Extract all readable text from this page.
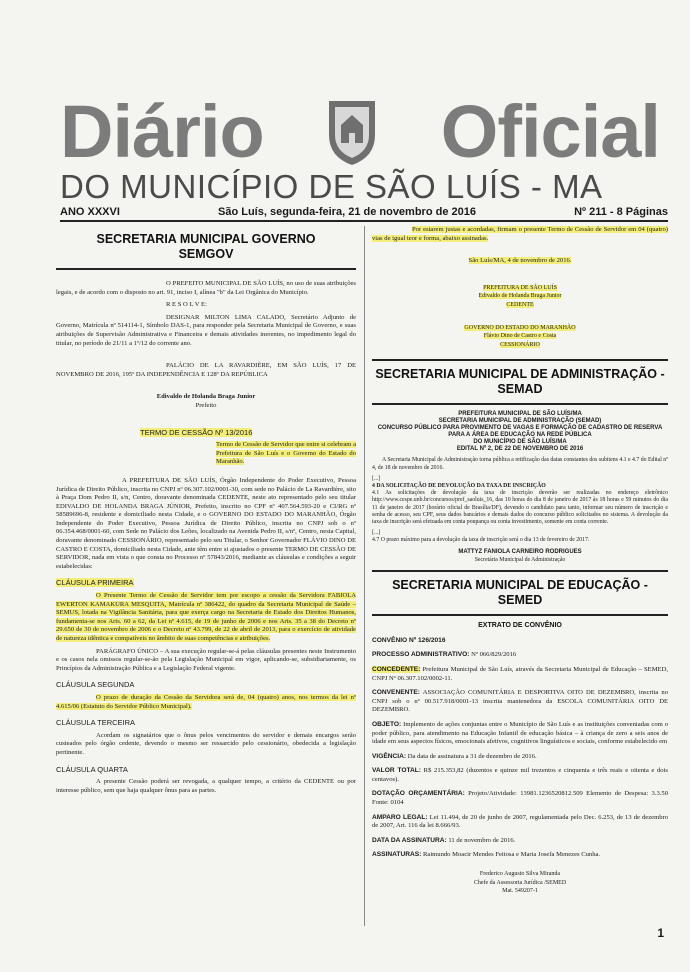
Diário Oficial
DO MUNICÍPIO DE SÃO LUÍS - MA
ANO XXXVI	São Luís, segunda-feira, 21 de novembro de 2016	Nº 211 - 8 Páginas
SECRETARIA MUNICIPAL GOVERNO SEMGOV

O PREFEITO MUNICIPAL DE SÃO LUÍS, no uso de suas atribuições legais, e de acordo com o disposto no art. 91, inciso I, alínea "b" da Lei Orgânica do Município.

R E S O L V E:

DESIGNAR MILTON LIMA CALADO, Secretário Adjunto de Governo, Matrícula nº 514114-1, Símbolo DAS-1, para responder pela Secretaria Municipal de Governo, e suas atribuições de Supervisão Administrativa e Financeira e demais atividades inerentes, no impedimento legal do titular, no período de 21/11 a 1º/12 do corrente ano.

PALÁCIO DE LA RAVARDIÈRE, EM SÃO LUÍS, 17 DE NOVEMBRO DE 2016, 195º DA INDEPENDÊNCIA E 128º DA REPÚBLICA

Edivaldo de Holanda Braga Junior
Prefeito
TERMO DE CESSÃO Nº 13/2016

Termo de Cessão de Servidor que entre si celebram a Prefeitura de São Luís e o Governo do Estado do Maranhão.

A PREFEITURA DE SÃO LUÍS, Órgão Independente do Poder Executivo, Pessoa Jurídica de Direito Público, inscrita no CNPJ nº 06.307.102/0001-30, com sede no Palácio de La Ravardière, sito à Praça Dom Pedro II, s/n, Centro, doravante denominada CEDENTE, neste ato representado pelo seu titular EDIVALDO DE HOLANDA BRAGA JÚNIOR, Prefeito, inscrito no CPF nº 407.564.593-20 e CI/RG nº 58589696-8, residente e domiciliado nesta Cidade, e o GOVERNO DO ESTADO DO MARANHÃO, Órgão Independente do Poder Executivo, Pessoa Jurídica de Direito Público, inscrita no CNPJ sob o nº 06.354.468/0001-60, com Sede no Palácio dos Leões, localizado na Avenida Pedro II, s/nº, Centro, nesta Capital, doravante denominado CESSIONÁRIO, representado pelo seu Titular, o Senhor Governador FLÁVIO DINO DE CASTRO E COSTA, domiciliado nesta Cidade, ante têm entre si ajustados o presente TERMO DE CESSÃO DE SERVIDOR, nada em vista o que consta no Processo nº 57843/2016, mediante as cláusulas e condições a seguir estabelecidas:

CLÁUSULA PRIMEIRA

O Presente Termo de Cessão de Servidor tem por escopo a cessão da Servidora FABIOLA EWERTON KAMAKURA MESQUITA, Matrícula nº 386422, do quadro da Secretaria Municipal de Saúde – SEMUS, lotada na Vigilância Sanitária, para que exerça cargo na Secretaria de Estado dos Direitos Humanos, fundamenta-se nos Arts. 60 a 62, da Lei nº 4.615, de 19 de junho de 2006 e nos Arts. 35 a 38 do Decreto nº 29.650 de 30 de novembro de 2006 e o Decreto nº 43.799, de 22 de abril de 2013, para o exercício de atividade de natureza idêntica e compatíveis no âmbito de suas competências e atribuições.

PARÁGRAFO ÚNICO – A sua execução regular-se-á pelas cláusulas presentes neste Instrumento e os casos nela omissos regular-se-ão pela Legislação Municipal em vigor, aplicando-se, subsidiariamente, os Princípios da Administração Pública e a Legislação Federal vigente.

CLÁUSULA SEGUNDA

O prazo de duração da Cessão da Servidora será de, 04 (quatro) anos, nos termos da lei nº 4.615/06 (Estatuto do Servidor Público Municipal).

CLÁUSULA TERCEIRA

Acordam os signatários que o ônus pelos vencimentos do servidor e demais encargos serão custeados pelo órgão cedente, devendo o mesmo ser ressarcido pelo cessionário, obedecida a legislação pertinente.

CLÁUSULA QUARTA

A presente Cessão poderá ser revogada, a qualquer tempo, a critério da CEDENTE ou por interesse público, sem que haja qualquer ônus para as partes.

Por estarem justas e acordadas, firmam o presente Termo de Cessão de Servidor em 04 (quatro) vias de igual teor e forma, abaixo assinadas.

São Luís/MA, 4 de novembro de 2016.

PREFEITURA DE SÃO LUÍS
Edivaldo de Holanda Braga Junior
CEDENTE
GOVERNO DO ESTADO DO MARANHÃO
Flávio Dino de Castro e Costa
CESSIONÁRIO
SECRETARIA MUNICIPAL DE ADMINISTRAÇÃO - SEMAD
PREFEITURA MUNICIPAL DE SÃO LUÍS/MA
SECRETARIA MUNICIPAL DE ADMINISTRAÇÃO (SEMAD)
CONCURSO PÚBLICO PARA PROVIMENTO DE VAGAS E FORMAÇÃO DE CADASTRO DE RESERVA
PARA A ÁREA DE EDUCAÇÃO NA REDE PÚBLICA
DO MUNICÍPIO DE SÃO LUÍS/MA
EDITAL Nº 2, DE 22 DE NOVEMBRO DE 2016

A Secretaria Municipal de Administração torna pública a retificação das datas constantes dos subitens 4.1 e 4.7 do Edital nº 4, de 18 de novembro de 2016.

[...]

4 DA SOLICITAÇÃO DE DEVOLUÇÃO DA TAXA DE INSCRIÇÃO

4.1 As solicitações de devolução da taxa de inscrição deverão ser realizadas no endereço eletrônico http://www.cespe.unb.br/concursos/pref_saoluis_16, das 10 horas do dia 8 de janeiro de 2017 às 18 horas e 59 minutos do dia 11 de janeiro de 2017 (horário oficial de Brasília/DF), devendo o candidato para tanto, informar seu número de inscrição e senha de acesso, seu CPF, seus dados bancários e demais dados do concurso público solicitados no sistema. A devolução da taxa de inscrição será efetuada em conta poupança ou conta investimento, somente em conta corrente.

[...]

4.7 O prazo máximo para a devolução da taxa de inscrição será o dia 13 de fevereiro de 2017.

MATTYZ FANIOLA CARNEIRO RODRIGUES
Secretária Municipal de Administração
SECRETARIA MUNICIPAL DE EDUCAÇÃO - SEMED
EXTRATO DE CONVÊNIO
CONVÊNIO Nº 126/2016
PROCESSO ADMINISTRATIVO: Nº 066/829/2016
CONCEDENTE: Prefeitura Municipal de São Luís, através da Secretaria Municipal de Educação – SEMED, CNPJ Nº 06.307.102/0002-11.
CONVENENTE: ASSOCIAÇÃO COMUNITÁRIA E DESPORTIVA OITO DE DEZEMBRO, inscrita no CNPJ sob o nº 00.517.918/0001-13 inscrita mantenedora da ESCOLA COMUNITÁRIA OITO DE DEZEMBRO.
OBJETO: Implemento de ações conjuntas entre o Município de São Luís e as instituições conveniadas com o poder público, para atendimento na Educação Infantil de educação básica – à criança de zero a seis anos de idade em seus aspectos físicos, emocionais afetivos, cognitivos linguísticos e sociais, conforme estabelecido em
VIGÊNCIA: Da data de assinatura a 31 de dezembro de 2016.
VALOR TOTAL: R$ 215.353,82 (duzentos e quinze mil trezentos e cinquenta e três reais e oitenta e dois centavos).
DOTAÇÃO ORÇAMENTÁRIA: Projeto/Atividade: 13981.1236520812.509 Elemento de Despesa: 3.3.50 Fonte: 0104
AMPARO LEGAL: Lei 11.494, de 20 de junho de 2007, regulamentada pelo Dec. 6.253, de 13 de dezembro de 2007, Art. 116 da lei 8.666/93.
DATA DA ASSINATURA: 11 de novembro de 2016.
ASSINATURAS: Raimundo Moacir Mendes Feitosa e Maria Josefa Menezes Cunha.
Frederico Augusto Silva Miranda
Chefe da Assessoria Jurídica /SEMED
Mat. 549207-1
1
